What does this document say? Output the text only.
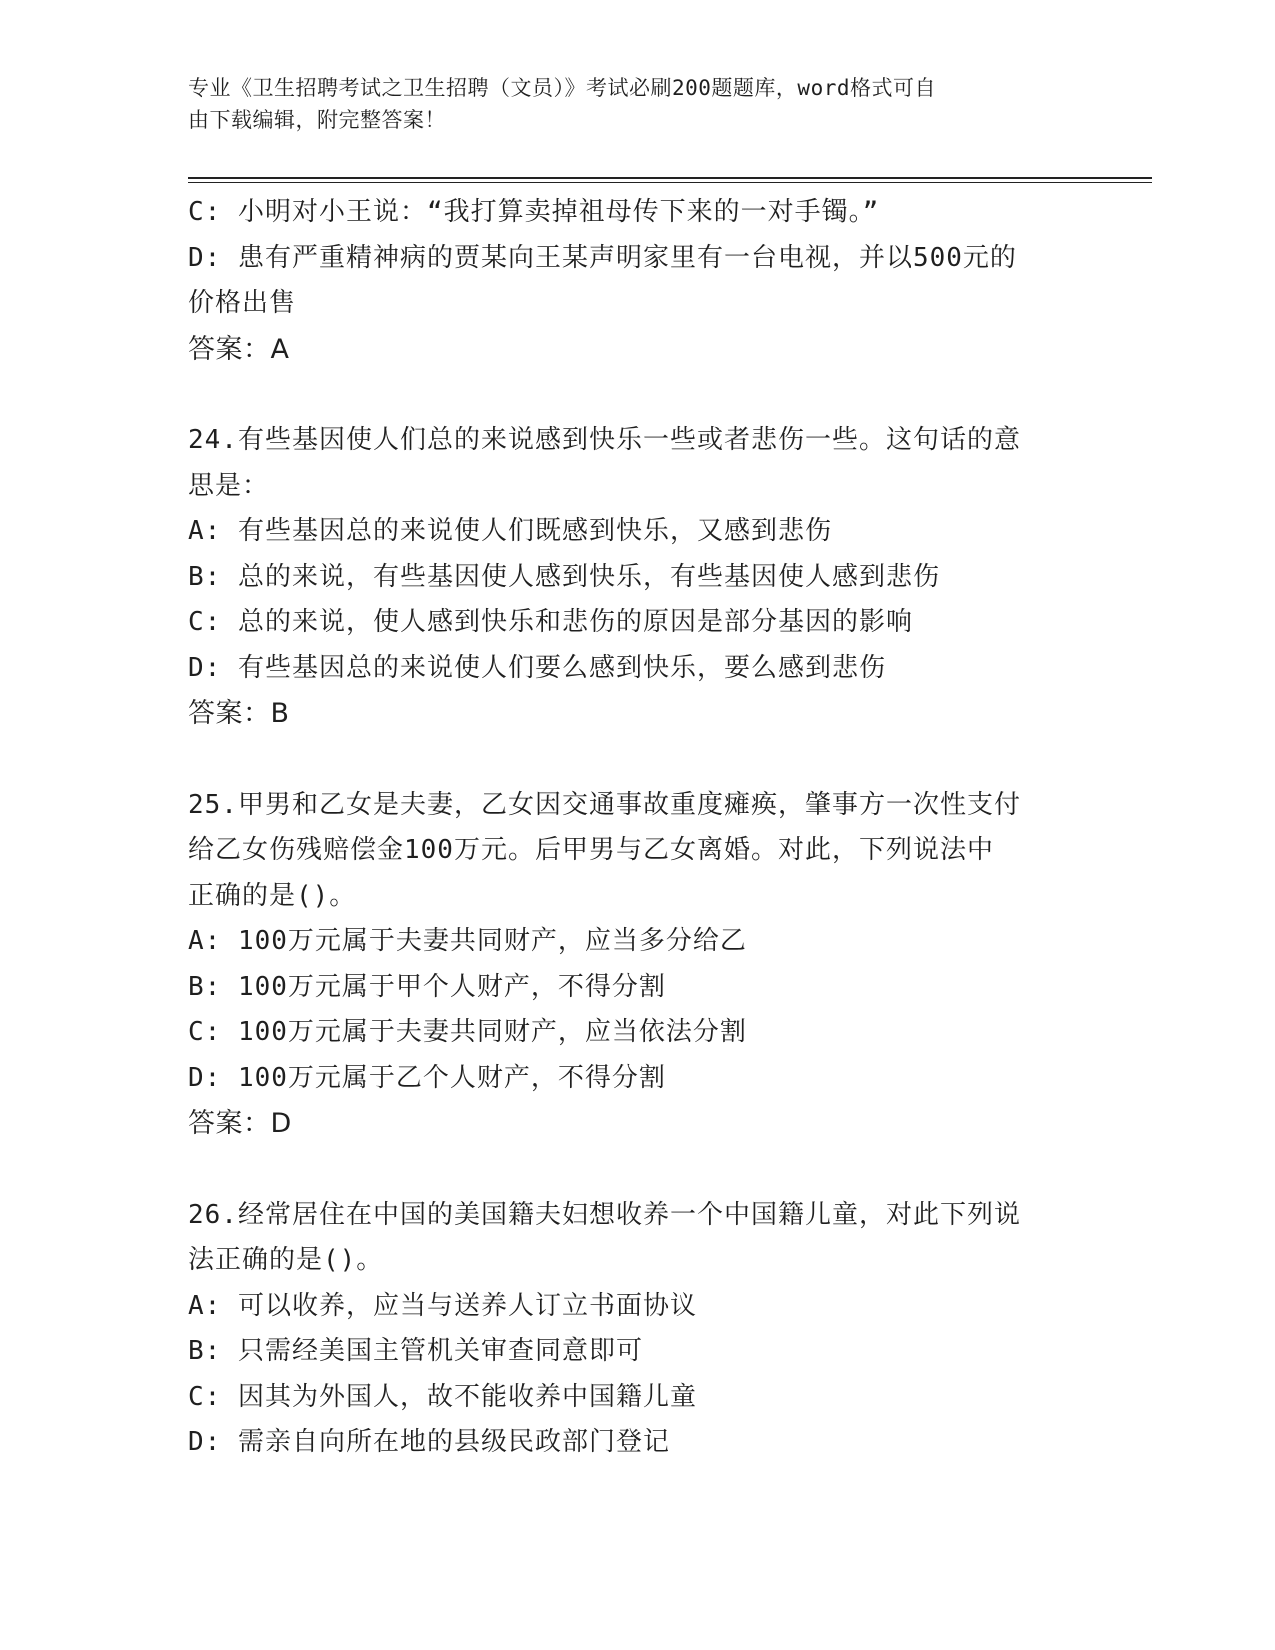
专业《卫生招聘考试之卫生招聘（文员）》考试必刷200题题库，word格式可自
由下载编辑，附完整答案！
C: 小明对小王说：“我打算卖掉祖母传下来的一对手镯。”
D: 患有严重精神病的贾某向王某声明家里有一台电视，并以500元的
价格出售
答案：A
24.有些基因使人们总的来说感到快乐一些或者悲伤一些。这句话的意
思是：
A: 有些基因总的来说使人们既感到快乐，又感到悲伤
B: 总的来说，有些基因使人感到快乐，有些基因使人感到悲伤
C: 总的来说，使人感到快乐和悲伤的原因是部分基因的影响
D: 有些基因总的来说使人们要么感到快乐，要么感到悲伤
答案：B
25.甲男和乙女是夫妻，乙女因交通事故重度瘫痪，肇事方一次性支付
给乙女伤残赔偿金100万元。后甲男与乙女离婚。对此，下列说法中
正确的是()。
A: 100万元属于夫妻共同财产，应当多分给乙
B: 100万元属于甲个人财产，不得分割
C: 100万元属于夫妻共同财产，应当依法分割
D: 100万元属于乙个人财产，不得分割
答案：D
26.经常居住在中国的美国籍夫妇想收养一个中国籍儿童，对此下列说
法正确的是()。
A: 可以收养，应当与送养人订立书面协议
B: 只需经美国主管机关审查同意即可
C: 因其为外国人，故不能收养中国籍儿童
D: 需亲自向所在地的县级民政部门登记
